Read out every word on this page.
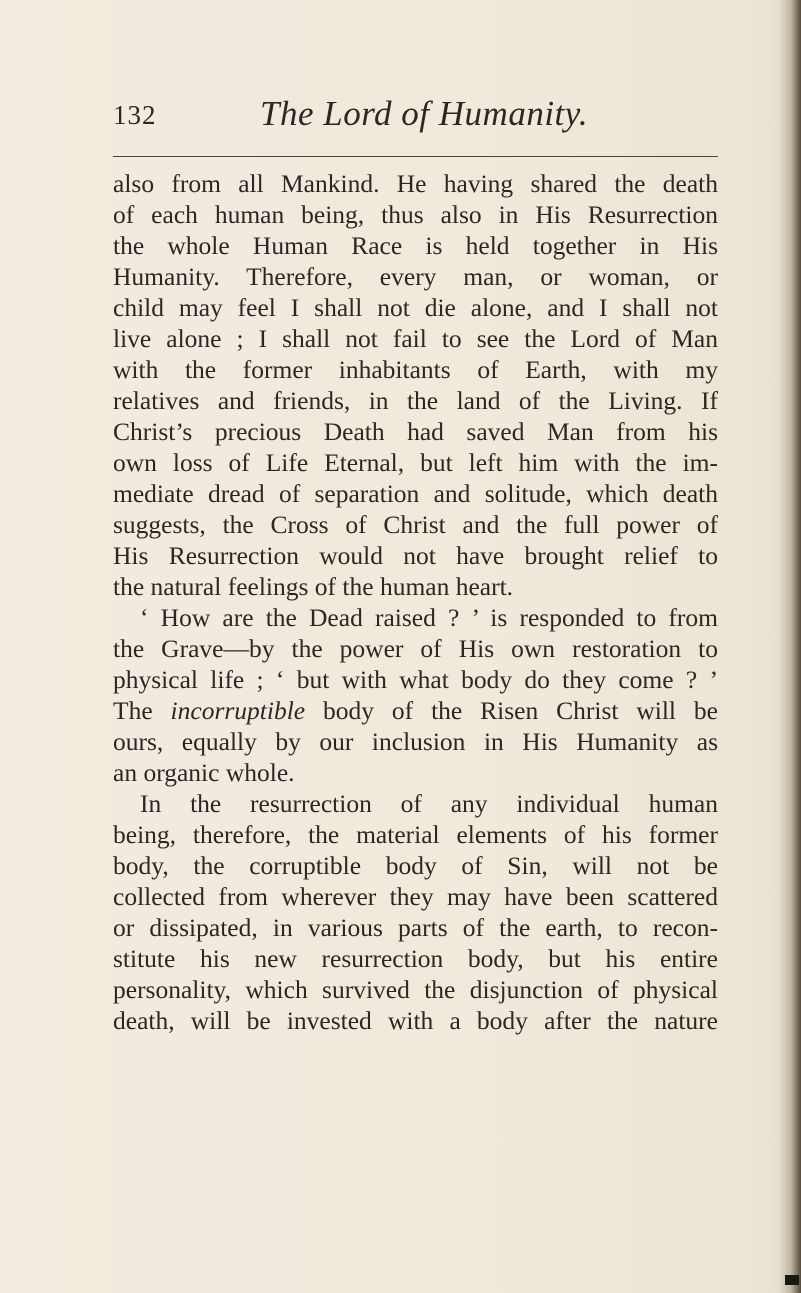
132	The Lord of Humanity.
also from all Mankind. He having shared the death
of each human being, thus also in His Resurrection
the whole Human Race is held together in His
Humanity. Therefore, every man, or woman, or
child may feel I shall not die alone, and I shall not
live alone ; I shall not fail to see the Lord of Man
with the former inhabitants of Earth, with my
relatives and friends, in the land of the Living. If
Christ’s precious Death had saved Man from his
own loss of Life Eternal, but left him with the im-
mediate dread of separation and solitude, which death
suggests, the Cross of Christ and the full power of
His Resurrection would not have brought relief to
the natural feelings of the human heart.
‘ How are the Dead raised ? ’ is responded to from
the Grave—by the power of His own restoration to
physical life ; ‘ but with what body do they come ? ’
The incorruptible body of the Risen Christ will be
ours, equally by our inclusion in His Humanity as
an organic whole.
In the resurrection of any individual human
being, therefore, the material elements of his former
body, the corruptible body of Sin, will not be
collected from wherever they may have been scattered
or dissipated, in various parts of the earth, to recon-
stitute his new resurrection body, but his entire
personality, which survived the disjunction of physical
death, will be invested with a body after the nature
